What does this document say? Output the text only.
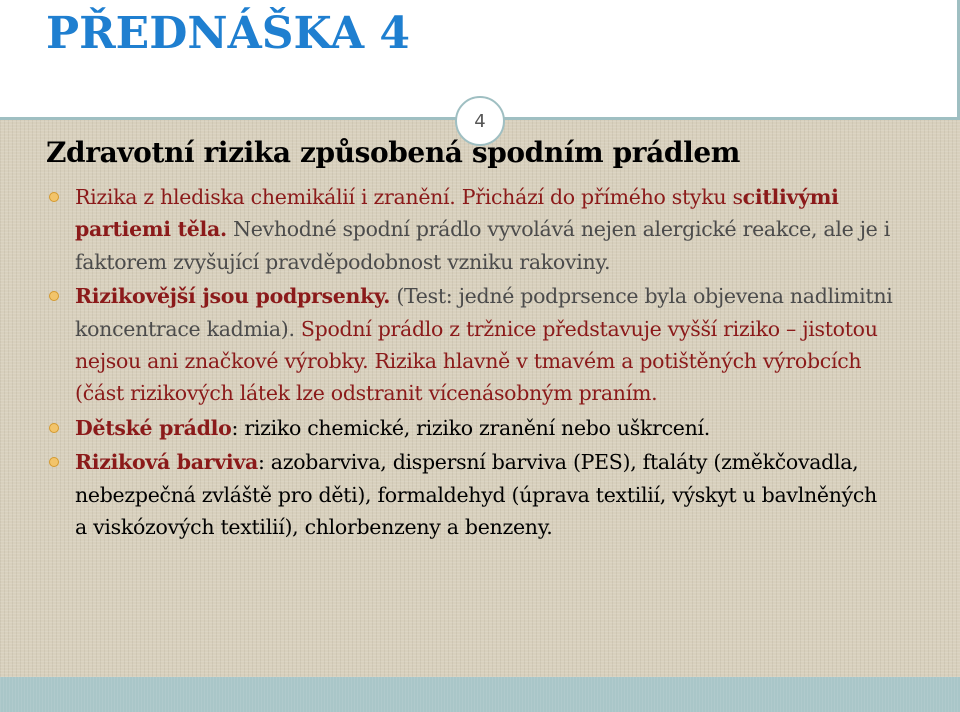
PŘEDNÁŠKA 4
4
Zdravotní rizika způsobená spodním prádlem
Rizika z hlediska chemikálií i zranění. Přichází do přímého styku scitlivými partiemi těla. Nevhodné spodní prádlo vyvolává nejen alergické reakce, ale je i faktorem zvyšující pravděpodobnost vzniku rakoviny.
Rizikovější jsou podprsenky. (Test: jedné podprsence byla objevena nadlimitni koncentrace kadmia). Spodní prádlo z tržnice představuje vyšší riziko – jistotou nejsou ani značkové výrobky. Rizika hlavně v tmavém a potištěných výrobcích (část rizikových látek lze odstranit vícenásobným praním.
Dětské prádlo: riziko chemické, riziko zranění nebo uškrcení.
Riziková barviva: azobarviva, dispersní barviva (PES), ftaláty (změkčovadla, nebezpečná zvláště pro děti), formaldehyd (úprava textilií, výskyt u bavlněných a viskózových textilií), chlorbenzeny a benzeny.
